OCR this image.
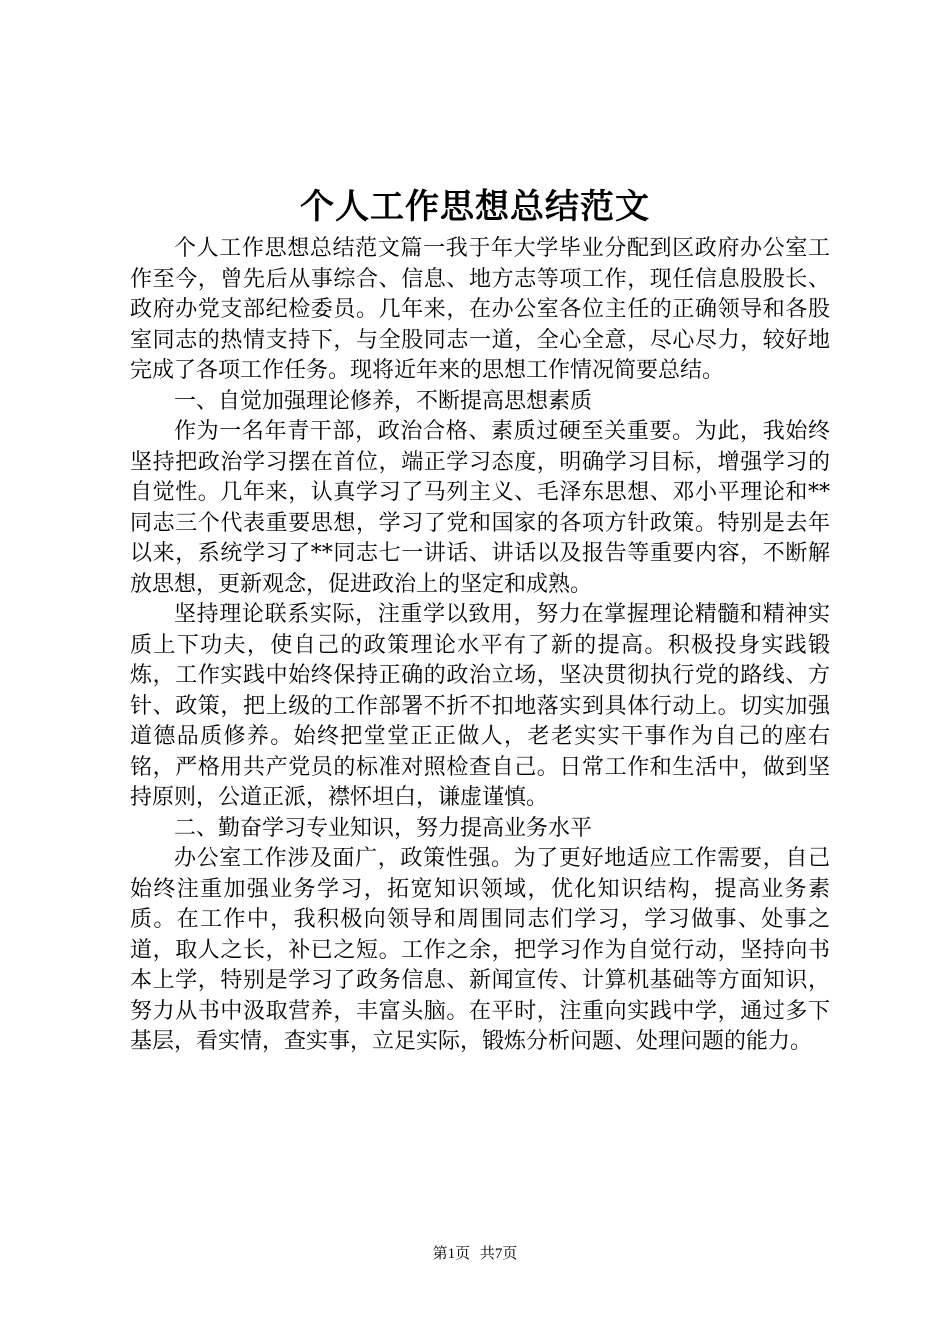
个人工作思想总结范文

个人工作思想总结范文篇一我于年大学毕业分配到区政府办公室工作至今，曾先后从事综合、信息、地方志等项工作，现任信息股股长、政府办党支部纪检委员。几年来，在办公室各位主任的正确领导和各股室同志的热情支持下，与全股同志一道，全心全意，尽心尽力，较好地完成了各项工作任务。现将近年来的思想工作情况简要总结。

一、自觉加强理论修养，不断提高思想素质

作为一名年青干部，政治合格、素质过硬至关重要。为此，我始终坚持把政治学习摆在首位，端正学习态度，明确学习目标，增强学习的自觉性。几年来，认真学习了马列主义、毛泽东思想、邓小平理论和**同志三个代表重要思想，学习了党和国家的各项方针政策。特别是去年以来，系统学习了**同志七一讲话、讲话以及报告等重要内容，不断解放思想，更新观念，促进政治上的坚定和成熟。

坚持理论联系实际，注重学以致用，努力在掌握理论精髓和精神实质上下功夫，使自己的政策理论水平有了新的提高。积极投身实践锻炼，工作实践中始终保持正确的政治立场，坚决贯彻执行党的路线、方针、政策，把上级的工作部署不折不扣地落实到具体行动上。切实加强道德品质修养。始终把堂堂正正做人，老老实实干事作为自己的座右铭，严格用共产党员的标准对照检查自己。日常工作和生活中，做到坚持原则，公道正派，襟怀坦白，谦虚谨慎。

二、勤奋学习专业知识，努力提高业务水平

办公室工作涉及面广，政策性强。为了更好地适应工作需要，自己始终注重加强业务学习，拓宽知识领域，优化知识结构，提高业务素质。在工作中，我积极向领导和周围同志们学习，学习做事、处事之道，取人之长，补已之短。工作之余，把学习作为自觉行动，坚持向书本上学，特别是学习了政务信息、新闻宣传、计算机基础等方面知识，努力从书中汲取营养，丰富头脑。在平时，注重向实践中学，通过多下基层，看实情，查实事，立足实际，锻炼分析问题、处理问题的能力。

第1页 共7页
